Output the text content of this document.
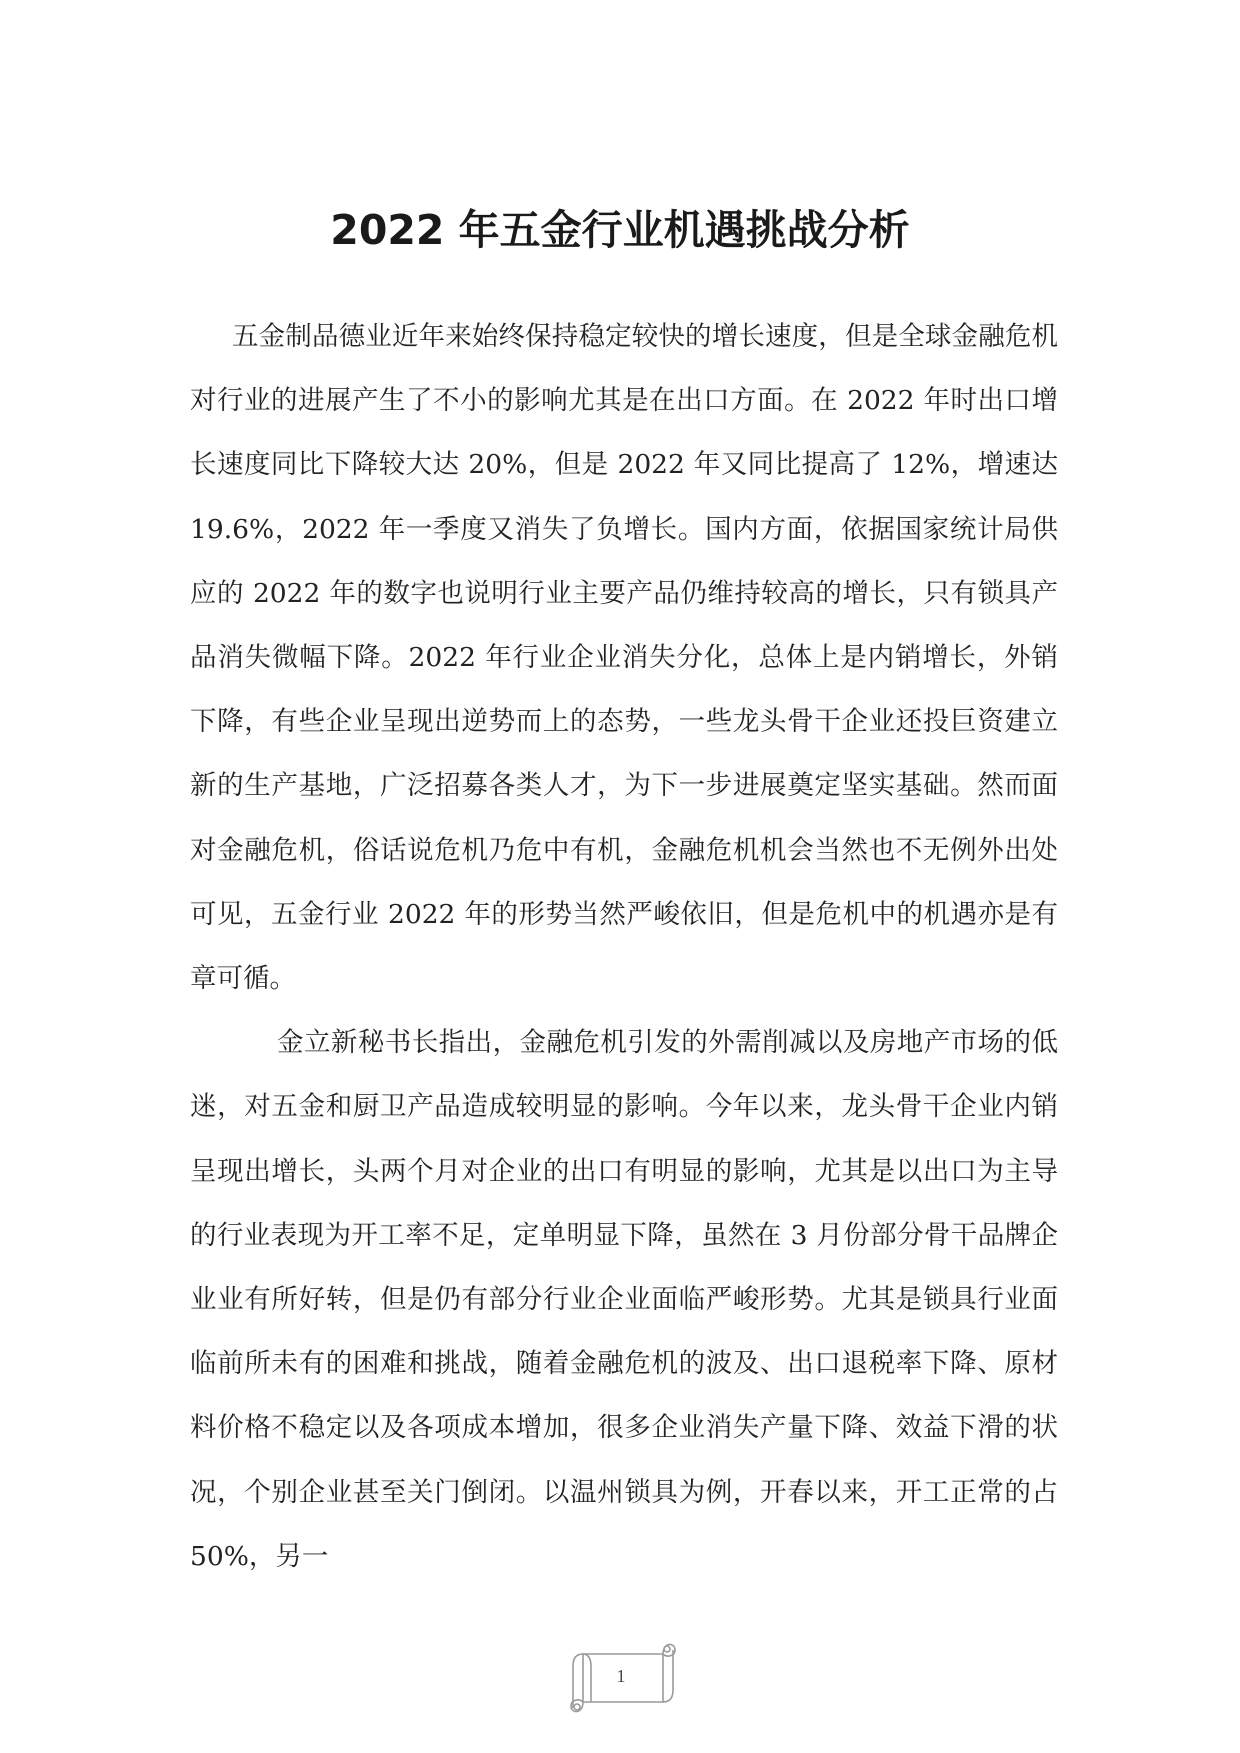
2022 年五金行业机遇挑战分析

五金制品德业近年来始终保持稳定较快的增长速度，但是全球金融危机对行业的进展产生了不小的影响尤其是在出口方面。在 2022 年时出口增长速度同比下降较大达 20%，但是 2022 年又同比提高了 12%，增速达 19.6%，2022 年一季度又消失了负增长。国内方面，依据国家统计局供应的 2022 年的数字也说明行业主要产品仍维持较高的增长，只有锁具产品消失微幅下降。2022 年行业企业消失分化，总体上是内销增长，外销下降，有些企业呈现出逆势而上的态势，一些龙头骨干企业还投巨资建立新的生产基地，广泛招募各类人才，为下一步进展奠定坚实基础。然而面对金融危机，俗话说危机乃危中有机，金融危机机会当然也不无例外出处可见，五金行业 2022 年的形势当然严峻依旧，但是危机中的机遇亦是有章可循。

金立新秘书长指出，金融危机引发的外需削减以及房地产市场的低迷，对五金和厨卫产品造成较明显的影响。今年以来，龙头骨干企业内销呈现出增长，头两个月对企业的出口有明显的影响，尤其是以出口为主导的行业表现为开工率不足，定单明显下降，虽然在 3 月份部分骨干品牌企业业有所好转，但是仍有部分行业企业面临严峻形势。尤其是锁具行业面临前所未有的困难和挑战，随着金融危机的波及、出口退税率下降、原材料价格不稳定以及各项成本增加，很多企业消失产量下降、效益下滑的状况，个别企业甚至关门倒闭。以温州锁具为例，开春以来，开工正常的占 50%，另一

1
